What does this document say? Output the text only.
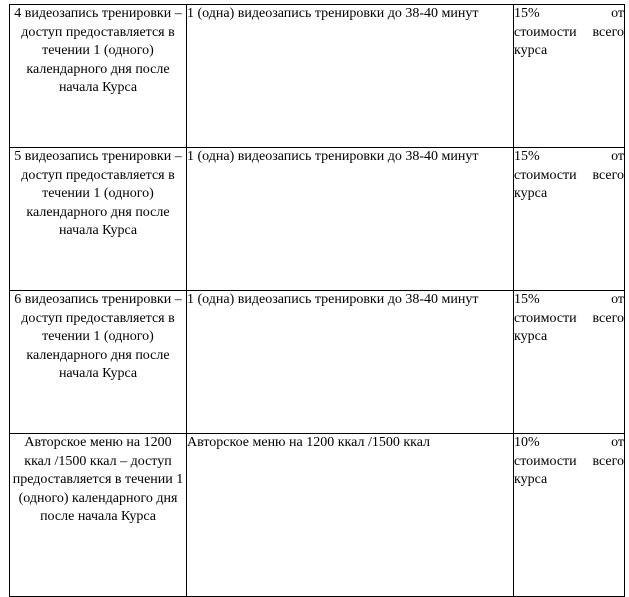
4 видеозапись тренировки – доступ предоставляется в течении 1 (одного) календарного дня после начала Курса	1 (одна) видеозапись тренировки до 38-40 минут	15% от
стоимости всего курса

5 видеозапись тренировки – доступ предоставляется в течении 1 (одного) календарного дня после начала Курса	1 (одна) видеозапись тренировки до 38-40 минут	15% от
стоимости всего курса

6 видеозапись тренировки – доступ предоставляется в течении 1 (одного) календарного дня после начала Курса	1 (одна) видеозапись тренировки до 38-40 минут	15% от
стоимости всего курса

Авторское меню на 1200 ккал /1500 ккал – доступ предоставляется в течении 1 (одного) календарного дня после начала Курса	Авторское меню на 1200 ккал /1500 ккал	10% от
стоимости всего курса
